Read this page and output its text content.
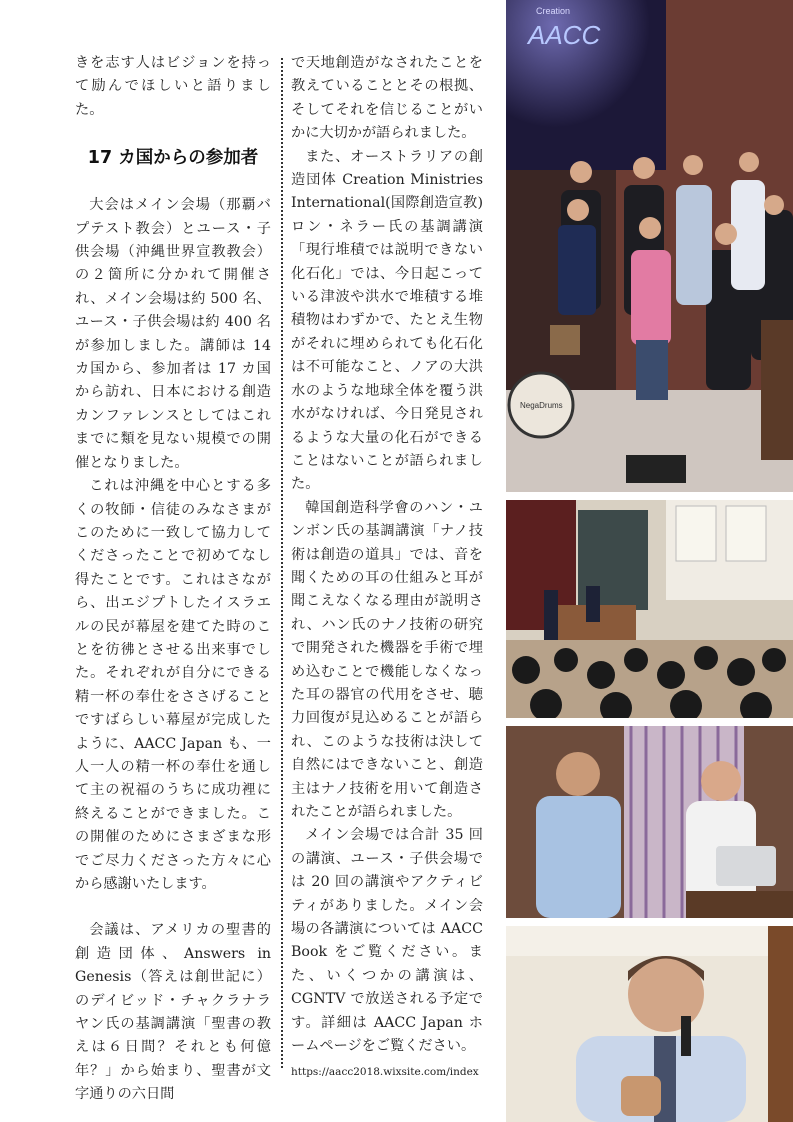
きを志す人はビジョンを持って励んでほしいと語りました。

17 カ国からの参加者

大会はメイン会場（那覇バプテスト教会）とユース・子供会場（沖縄世界宣教教会）の２箇所に分かれて開催され、メイン会場は約 500 名、ユース・子供会場は約 400 名が参加しました。講師は 14 カ国から、参加者は 17 カ国から訪れ、日本における創造カンファレンスとしてはこれまでに類を見ない規模での開催となりました。

これは沖縄を中心とする多くの牧師・信徒のみなさまがこのために一致して協力してくださったことで初めてなし得たことです。これはさながら、出エジプトしたイスラエルの民が幕屋を建てた時のことを彷彿とさせる出来事でした。それぞれが自分にできる精一杯の奉仕をささげることですばらしい幕屋が完成したように、AACC Japan も、一人一人の精一杯の奉仕を通して主の祝福のうちに成功裡に終えることができました。この開催のためにさまざまな形でご尽力くださった方々に心から感謝いたします。

会議は、アメリカの聖書的創造団体、Answers in Genesis（答えは創世記に）のデイビッド・チャクラナラヤン氏の基調講演「聖書の教えは６日間？それとも何億年？」から始まり、聖書が文字通りの六日間

で天地創造がなされたことを教えていることとその根拠、そしてそれを信じることがいかに大切かが語られました。

また、オーストラリアの創造団体 Creation Ministries International(国際創造宣教) ロン・ネラー氏の基調講演「現行堆積では説明できない化石化」では、今日起こっている津波や洪水で堆積する堆積物はわずかで、たとえ生物がそれに埋められても化石化は不可能なこと、ノアの大洪水のような地球全体を覆う洪水がなければ、今日発見されるような大量の化石ができることはないことが語られました。

韓国創造科学會のハン・ユンボン氏の基調講演「ナノ技術は創造の道具」では、音を聞くための耳の仕組みと耳が聞こえなくなる理由が説明され、ハン氏のナノ技術の研究で開発された機器を手術で埋め込むことで機能しなくなった耳の器官の代用をさせ、聴力回復が見込めることが語られ、このような技術は決して自然にはできないこと、創造主はナノ技術を用いて創造されたことが語られました。

メイン会場では合計 35 回の講演、ユース・子供会場では 20 回の講演やアクティビティがありました。メイン会場の各講演については AACC Book をご覧ください。また、いくつかの講演は、CGNTV で放送される予定です。詳細は AACC Japan ホームページをご覧ください。

https://aacc2018.wixsite.com/index

AACC
Creation
NegaDrums
